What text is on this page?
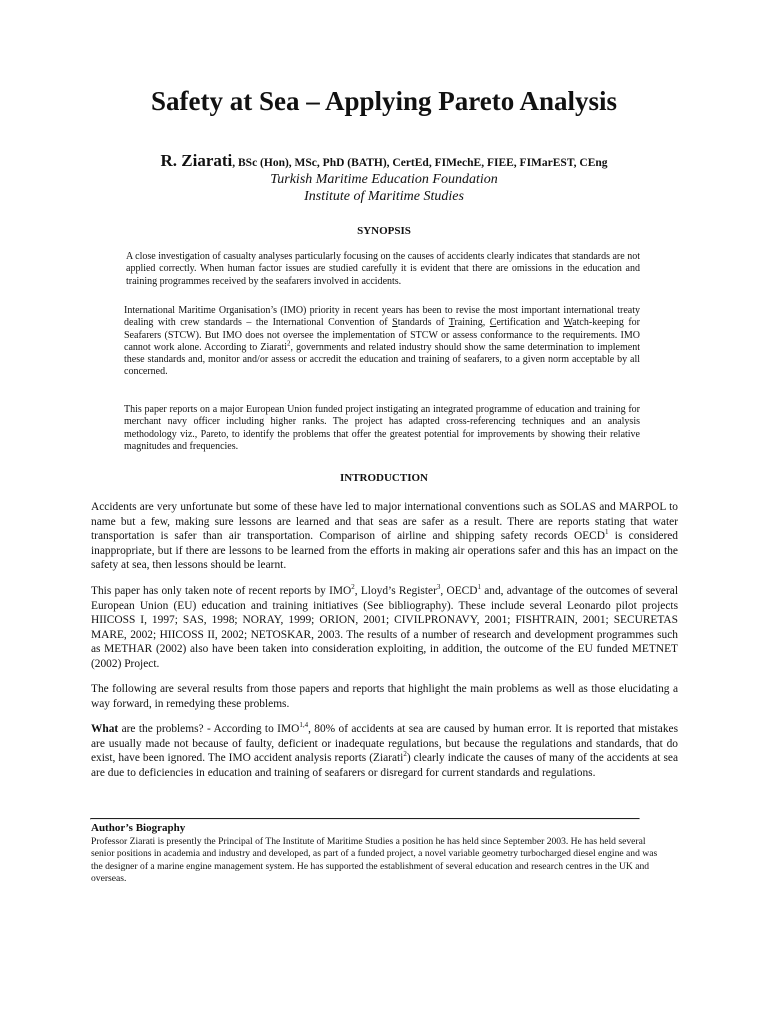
Safety at Sea – Applying Pareto Analysis

R. Ziarati, BSc (Hon), MSc, PhD (BATH), CertEd, FIMechE, FIEE, FIMarEST, CEng

Turkish Maritime Education Foundation

Institute of Maritime Studies

SYNOPSIS

A close investigation of casualty analyses particularly focusing on the causes of accidents clearly indicates that standards are not applied correctly. When human factor issues are studied carefully it is evident that there are omissions in the education and training programmes received by the seafarers involved in accidents.

International Maritime Organisation’s (IMO) priority in recent years has been to revise the most important international treaty dealing with crew standards – the International Convention of Standards of Training, Certification and Watch-keeping for Seafarers (STCW). But IMO does not oversee the implementation of STCW or assess conformance to the requirements. IMO cannot work alone. According to Ziarati$^2$, governments and related industry should show the same determination to implement these standards and, monitor and/or assess or accredit the education and training of seafarers, to a given norm acceptable by all concerned.

This paper reports on a major European Union funded project instigating an integrated programme of education and training for merchant navy officer including higher ranks. The project has adapted cross-referencing techniques and an analysis methodology viz., Pareto, to identify the problems that offer the greatest potential for improvements by showing their relative magnitudes and frequencies.

INTRODUCTION

Accidents are very unfortunate but some of these have led to major international conventions such as SOLAS and MARPOL to name but a few, making sure lessons are learned and that seas are safer as a result. There are reports stating that water transportation is safer than air transportation. Comparison of airline and shipping safety records OECD$^1$ is considered inappropriate, but if there are lessons to be learned from the efforts in making air operations safer and this has an impact on the safety at sea, then lessons should be learnt.

This paper has only taken note of recent reports by IMO$^2$, Lloyd’s Register$^3$, OECD$^1$ and, advantage of the outcomes of several European Union (EU) education and training initiatives (See bibliography). These include several Leonardo pilot projects HIICOSS I, 1997; SAS, 1998; NORAY, 1999; ORION, 2001; CIVILPRONAVY, 2001; FISHTRAIN, 2001; SECURETAS MARE, 2002; HIICOSS II, 2002; NETOSKAR, 2003. The results of a number of research and development programmes such as METHAR (2002) also have been taken into consideration exploiting, in addition, the outcome of the EU funded METNET (2002) Project.

The following are several results from those papers and reports that highlight the main problems as well as those elucidating a way forward, in remedying these problems.

What are the problems? - According to IMO$^{1,4}$, 80% of accidents at sea are caused by human error. It is reported that mistakes are usually made not because of faulty, deficient or inadequate regulations, but because the regulations and standards, that do exist, have been ignored. The IMO accident analysis reports (Ziarati$^2$) clearly indicate the causes of many of the accidents at sea are due to deficiencies in education and training of seafarers or disregard for current standards and regulations.

Author’s Biography

Professor Ziarati is presently the Principal of The Institute of Maritime Studies a position he has held since September 2003. He has held several senior positions in academia and industry and developed, as part of a funded project, a novel variable geometry turbocharged diesel engine and was the designer of a marine engine management system. He has supported the establishment of several education and research centres in the UK and overseas.
